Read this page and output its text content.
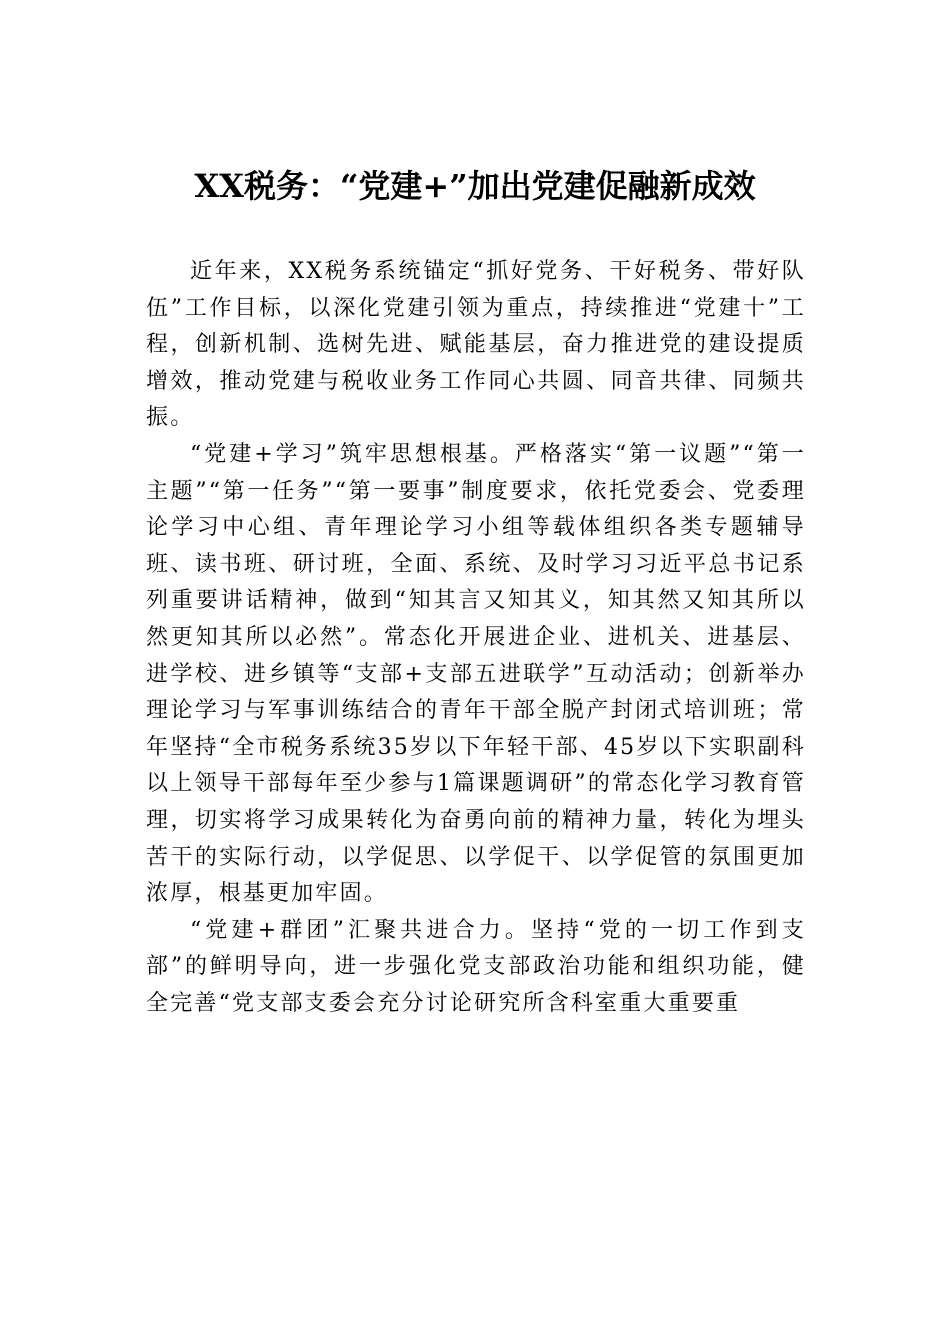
XX税务：“党建+”加出党建促融新成效

近年来，XX税务系统锚定“抓好党务、干好税务、带好队伍”工作目标，以深化党建引领为重点，持续推进“党建十”工程，创新机制、选树先进、赋能基层，奋力推进党的建设提质增效，推动党建与税收业务工作同心共圆、同音共律、同频共振。

“党建+学习”筑牢思想根基。严格落实“第一议题”“第一主题”“第一任务”“第一要事”制度要求，依托党委会、党委理论学习中心组、青年理论学习小组等载体组织各类专题辅导班、读书班、研讨班，全面、系统、及时学习习近平总书记系列重要讲话精神，做到“知其言又知其义，知其然又知其所以然更知其所以必然”。常态化开展进企业、进机关、进基层、进学校、进乡镇等“支部+支部五进联学”互动活动；创新举办理论学习与军事训练结合的青年干部全脱产封闭式培训班；常年坚持“全市税务系统35岁以下年轻干部、45岁以下实职副科以上领导干部每年至少参与1篇课题调研”的常态化学习教育管理，切实将学习成果转化为奋勇向前的精神力量，转化为埋头苦干的实际行动，以学促思、以学促干、以学促管的氛围更加浓厚，根基更加牢固。

“党建+群团”汇聚共进合力。坚持“党的一切工作到支部”的鲜明导向，进一步强化党支部政治功能和组织功能，健全完善“党支部支委会充分讨论研究所含科室重大重要重
